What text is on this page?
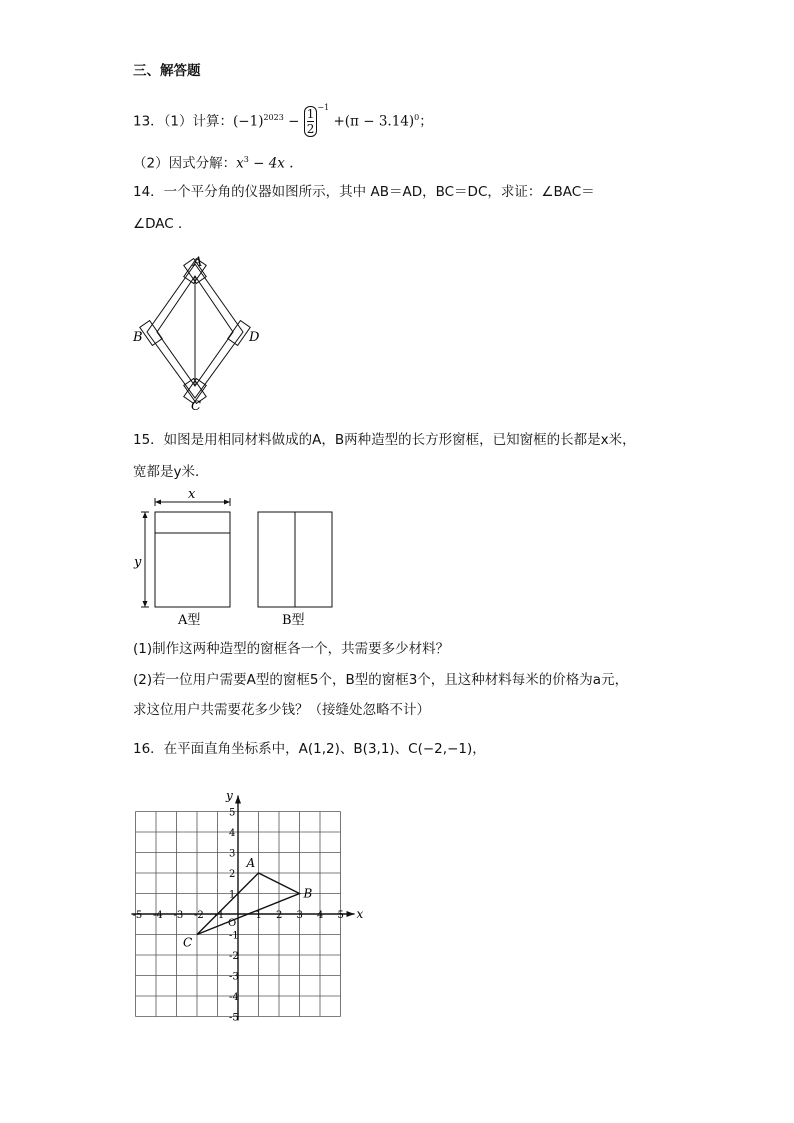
三、解答题
13．（1）计算：$(-1)^{2023} - \frac{1}{2}^{-1} +(\pi - 3.14)^0$；
（2）因式分解：$x^3 - 4x$ .
14．一个平分角的仪器如图所示，其中 AB＝AD，BC＝DC，求证：∠BAC＝
∠DAC ．
A
B	D
C
15．如图是用相同材料做成的A，B两种造型的长方形窗框，已知窗框的长都是x米，
宽都是y米．
x
y
A型	B型
(1)制作这两种造型的窗框各一个，共需要多少材料？
(2)若一位用户需要A型的窗框5个，B型的窗框3个，且这种材料每米的价格为a元，
求这位用户共需要花多少钱？（接缝处忽略不计）
16．在平面直角坐标系中，A(1,2)、B(3,1)、C(−2,−1)，
x
y
O
-5 -4 -3 -2 -1	1 2 3 4 5
5
4
3
2
1
-1
-2
-3
-4
-5
A
B
C
